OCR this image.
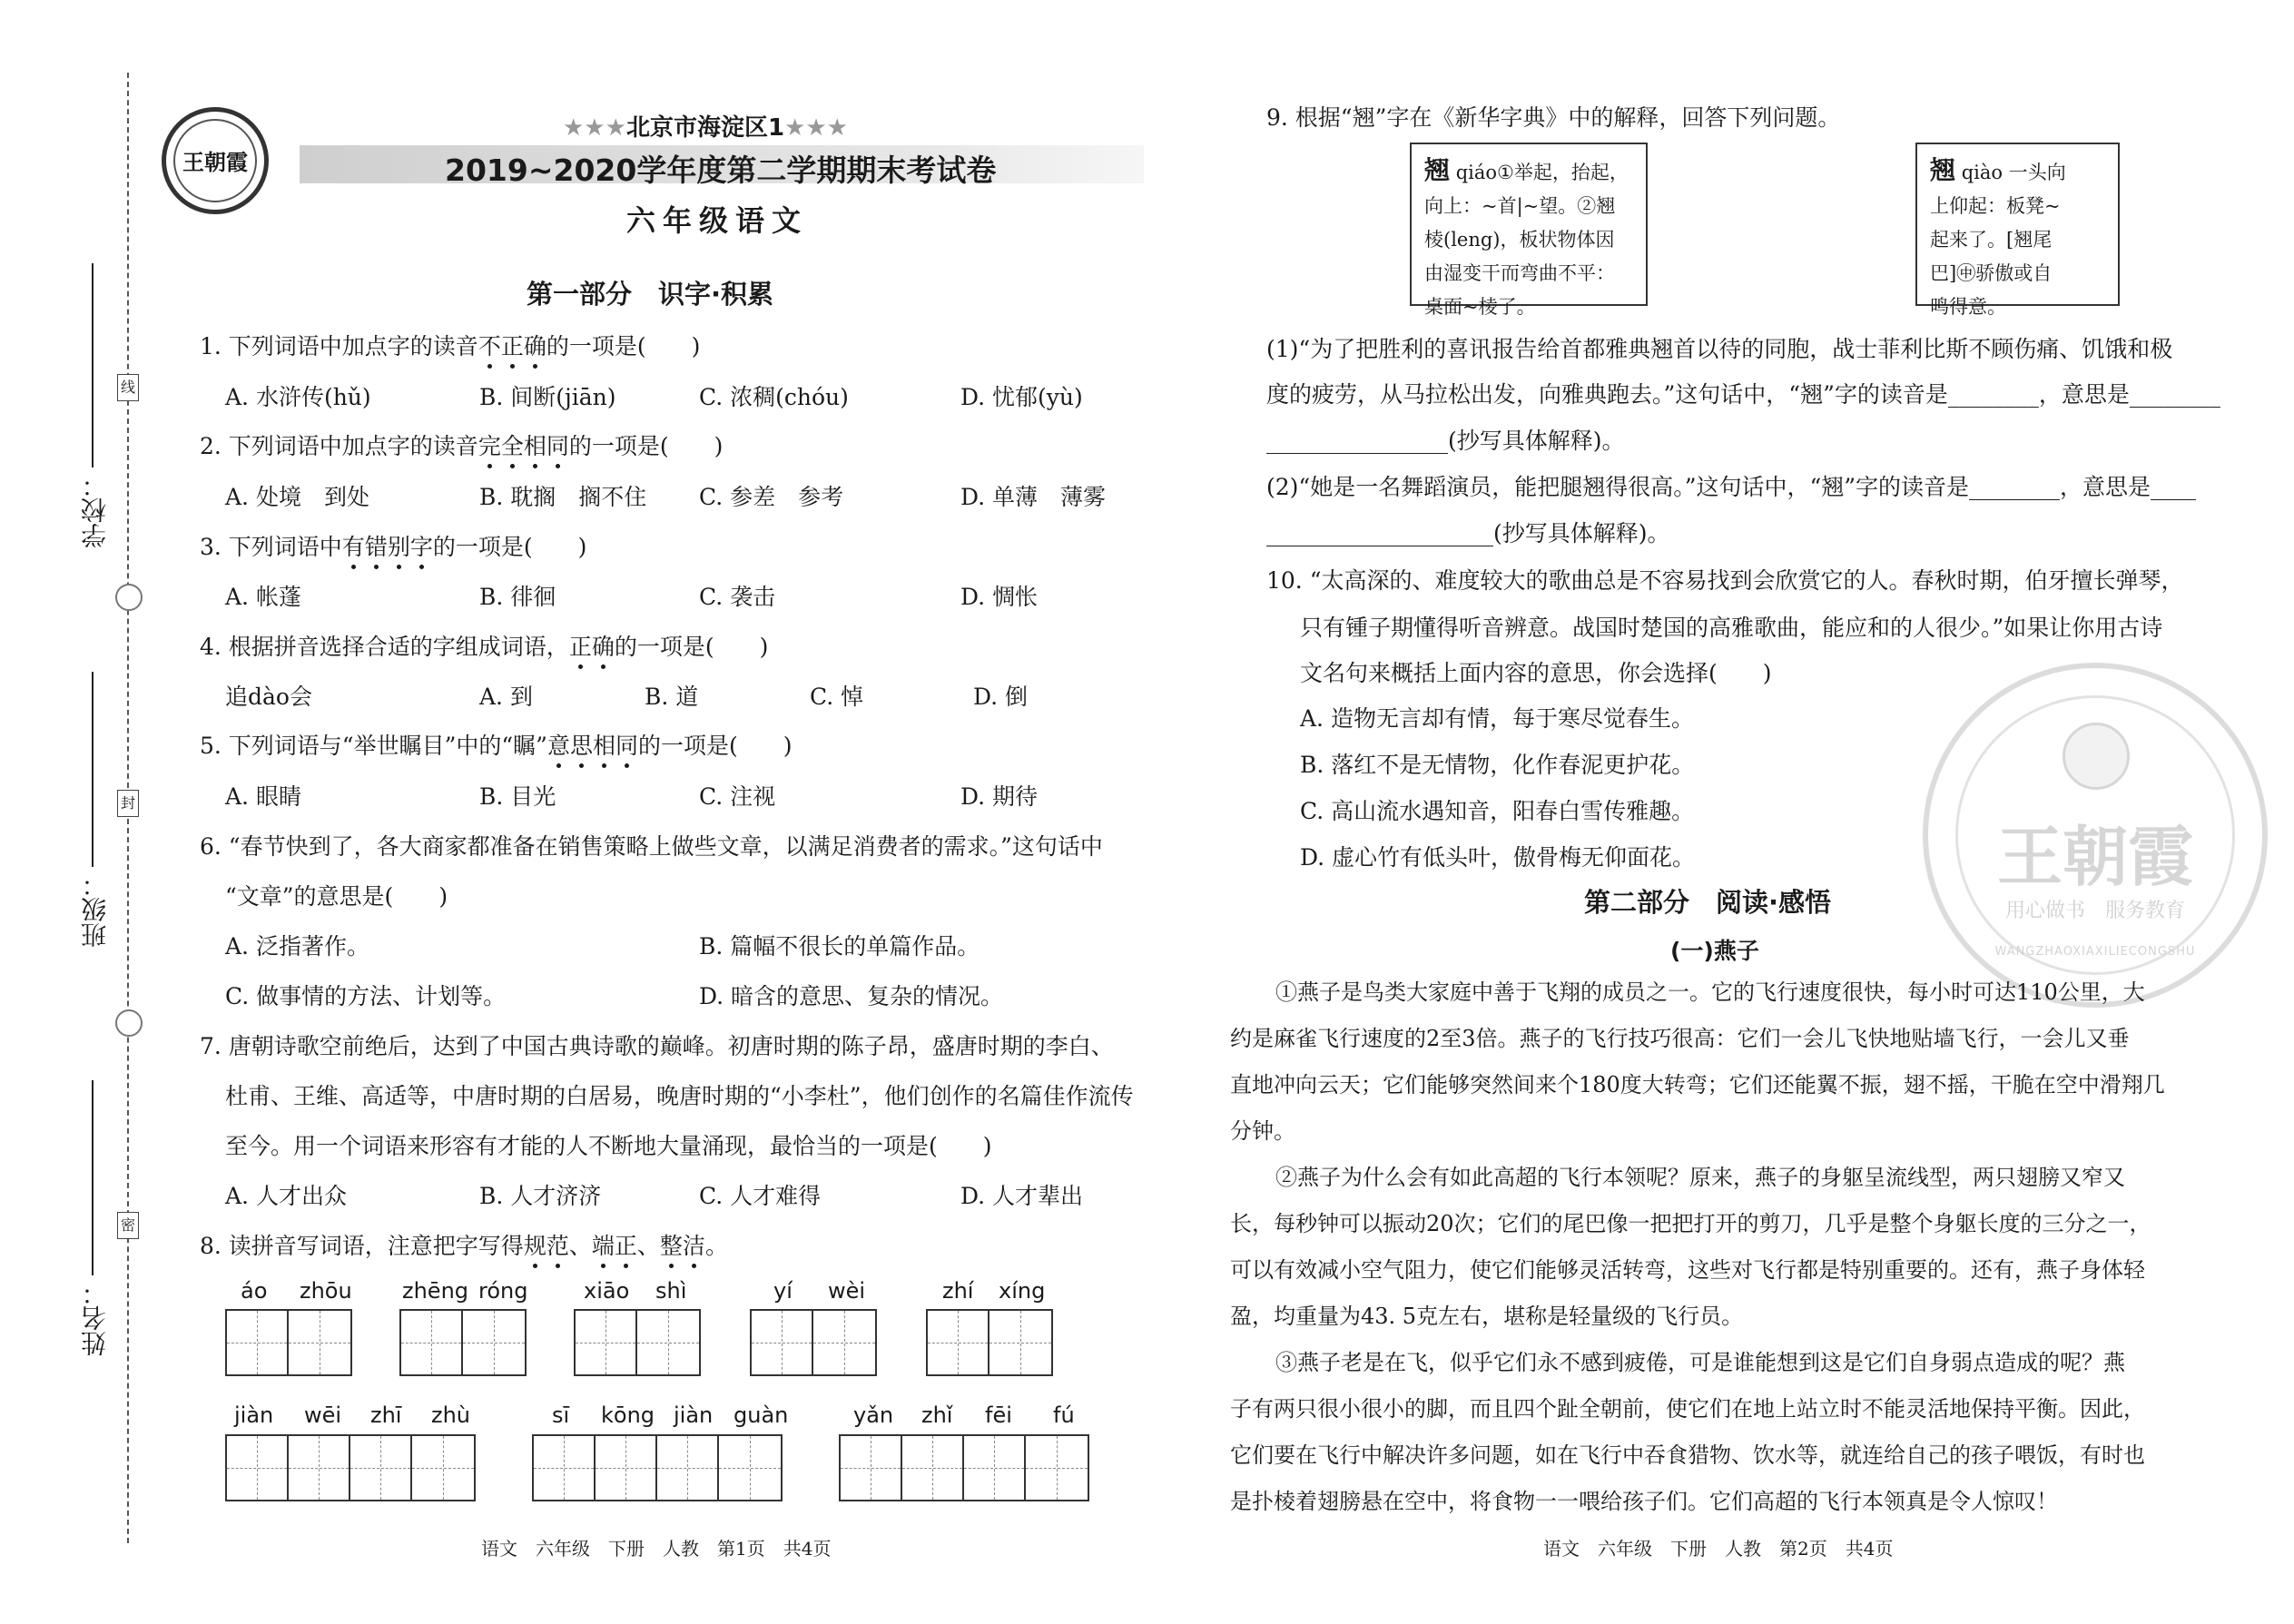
线
封
密
学校：
班级：
姓名：
王朝霞
★★★北京市海淀区1★★★
2019~2020学年度第二学期期末考试卷
六年级语文
第一部分　识字·积累
1. 下列词语中加点字的读音不正确的一项是(　　)
A. 水浒传(hǔ)	B. 间断(jiān)	C. 浓稠(chóu)	D. 忧郁(yù)
2. 下列词语中加点字的读音完全相同的一项是(　　)
A. 处境　到处	B. 耽搁　搁不住 C. 参差　参考	D. 单薄　薄雾
3. 下列词语中有错别字的一项是(　　)
A. 帐蓬	B. 徘徊	C. 袭击	D. 惆怅
4. 根据拼音选择合适的字组成词语，正确的一项是(　　)
追dào会	A. 到	B. 道	C. 悼	D. 倒
5. 下列词语与“举世瞩目”中的“瞩”意思相同的一项是(　　)
A. 眼睛	B. 目光	C. 注视	D. 期待
6. “春节快到了，各大商家都准备在销售策略上做些文章，以满足消费者的需求。”这句话中
“文章”的意思是(　　)
A. 泛指著作。	B. 篇幅不很长的单篇作品。
C. 做事情的方法、计划等。	D. 暗含的意思、复杂的情况。
7. 唐朝诗歌空前绝后，达到了中国古典诗歌的巅峰。初唐时期的陈子昂，盛唐时期的李白、
杜甫、王维、高适等，中唐时期的白居易，晚唐时期的“小李杜”，他们创作的名篇佳作流传
至今。用一个词语来形容有才能的人不断地大量涌现，最恰当的一项是(　　)
A. 人才出众	B. 人才济济	C. 人才难得	D. 人才辈出
8. 读拼音写词语，注意把字写得规范、端正、整洁。
áo zhōu zhēng róng	xiāo shì	yí wèi	zhí xíng
jiàn wēi zhī zhù	sī kōng jiàn guàn	yǎn zhǐ fēi fú
语文　六年级　下册　人教　第1页　共4页
王朝霞
用心做书　服务教育
WANGZHAOXIAXILIECONGSHU
9. 根据“翘”字在《新华字典》中的解释，回答下列问题。
翘 qiáo①举起，抬起，
向上：~首|~望。②翘
棱(leng)，板状物体因
由湿变干而弯曲不平：
桌面~棱了。
翘 qiào 一头向
上仰起：板凳~
起来了。[翘尾
巴]㊥骄傲或自
鸣得意。
(1)“为了把胜利的喜讯报告给首都雅典翘首以待的同胞，战士菲利比斯不顾伤痛、饥饿和极
度的疲劳，从马拉松出发，向雅典跑去。”这句话中，“翘”字的读音是________，意思是________
________________(抄写具体解释)。
(2)“她是一名舞蹈演员，能把腿翘得很高。”这句话中，“翘”字的读音是________，意思是____
____________________(抄写具体解释)。
10. “太高深的、难度较大的歌曲总是不容易找到会欣赏它的人。春秋时期，伯牙擅长弹琴，
只有锺子期懂得听音辨意。战国时楚国的高雅歌曲，能应和的人很少。”如果让你用古诗
文名句来概括上面内容的意思，你会选择(　　)
A. 造物无言却有情，每于寒尽觉春生。
B. 落红不是无情物，化作春泥更护花。
C. 高山流水遇知音，阳春白雪传雅趣。
D. 虚心竹有低头叶，傲骨梅无仰面花。
第二部分　阅读·感悟
(一)燕子
①燕子是鸟类大家庭中善于飞翔的成员之一。它的飞行速度很快，每小时可达110公里，大
约是麻雀飞行速度的2至3倍。燕子的飞行技巧很高：它们一会儿飞快地贴墙飞行，一会儿又垂
直地冲向云天；它们能够突然间来个180度大转弯；它们还能翼不振，翅不摇，干脆在空中滑翔几
分钟。
②燕子为什么会有如此高超的飞行本领呢？原来，燕子的身躯呈流线型，两只翅膀又窄又
长，每秒钟可以振动20次；它们的尾巴像一把把打开的剪刀，几乎是整个身躯长度的三分之一，
可以有效减小空气阻力，使它们能够灵活转弯，这些对飞行都是特别重要的。还有，燕子身体轻
盈，均重量为43. 5克左右，堪称是轻量级的飞行员。
③燕子老是在飞，似乎它们永不感到疲倦，可是谁能想到这是它们自身弱点造成的呢？燕
子有两只很小很小的脚，而且四个趾全朝前，使它们在地上站立时不能灵活地保持平衡。因此，
它们要在飞行中解决许多问题，如在飞行中吞食猎物、饮水等，就连给自己的孩子喂饭，有时也
是扑棱着翅膀悬在空中，将食物一一喂给孩子们。它们高超的飞行本领真是令人惊叹！
语文　六年级　下册　人教　第2页　共4页
